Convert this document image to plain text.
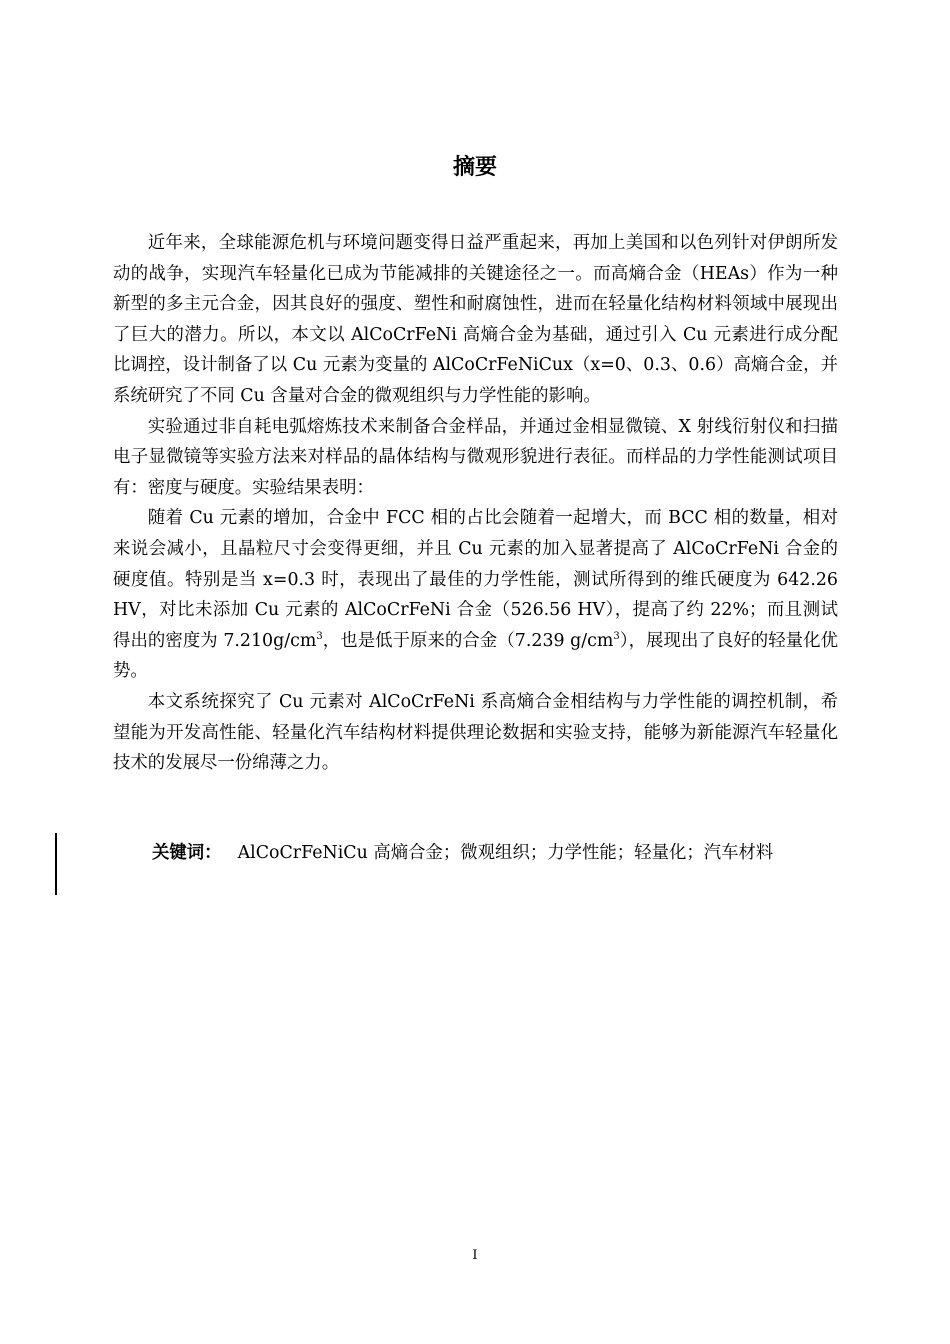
摘要

近年来，全球能源危机与环境问题变得日益严重起来，再加上美国和以色列针对伊朗所发动的战争，实现汽车轻量化已成为节能减排的关键途径之一。而高熵合金（HEAs）作为一种新型的多主元合金，因其良好的强度、塑性和耐腐蚀性，进而在轻量化结构材料领域中展现出了巨大的潜力。所以，本文以 AlCoCrFeNi 高熵合金为基础，通过引入 Cu 元素进行成分配比调控，设计制备了以 Cu 元素为变量的 AlCoCrFeNiCux（x=0、0.3、0.6）高熵合金，并系统研究了不同 Cu 含量对合金的微观组织与力学性能的影响。

实验通过非自耗电弧熔炼技术来制备合金样品，并通过金相显微镜、X 射线衍射仪和扫描电子显微镜等实验方法来对样品的晶体结构与微观形貌进行表征。而样品的力学性能测试项目有：密度与硬度。实验结果表明：

随着 Cu 元素的增加，合金中 FCC 相的占比会随着一起增大，而 BCC 相的数量，相对来说会减小，且晶粒尺寸会变得更细，并且 Cu 元素的加入显著提高了 AlCoCrFeNi 合金的硬度值。特别是当 x=0.3 时，表现出了最佳的力学性能，测试所得到的维氏硬度为 642.26 HV，对比未添加 Cu 元素的 AlCoCrFeNi 合金（526.56 HV），提高了约 22%；而且测试得出的密度为 $7.210g/cm^3$，也是低于原来的合金（7.239 $g/cm^3$），展现出了良好的轻量化优势。

本文系统探究了 Cu 元素对 AlCoCrFeNi 系高熵合金相结构与力学性能的调控机制，希望能为开发高性能、轻量化汽车结构材料提供理论数据和实验支持，能够为新能源汽车轻量化技术的发展尽一份绵薄之力。

关键词： AlCoCrFeNiCu 高熵合金；微观组织；力学性能；轻量化；汽车材料
I
